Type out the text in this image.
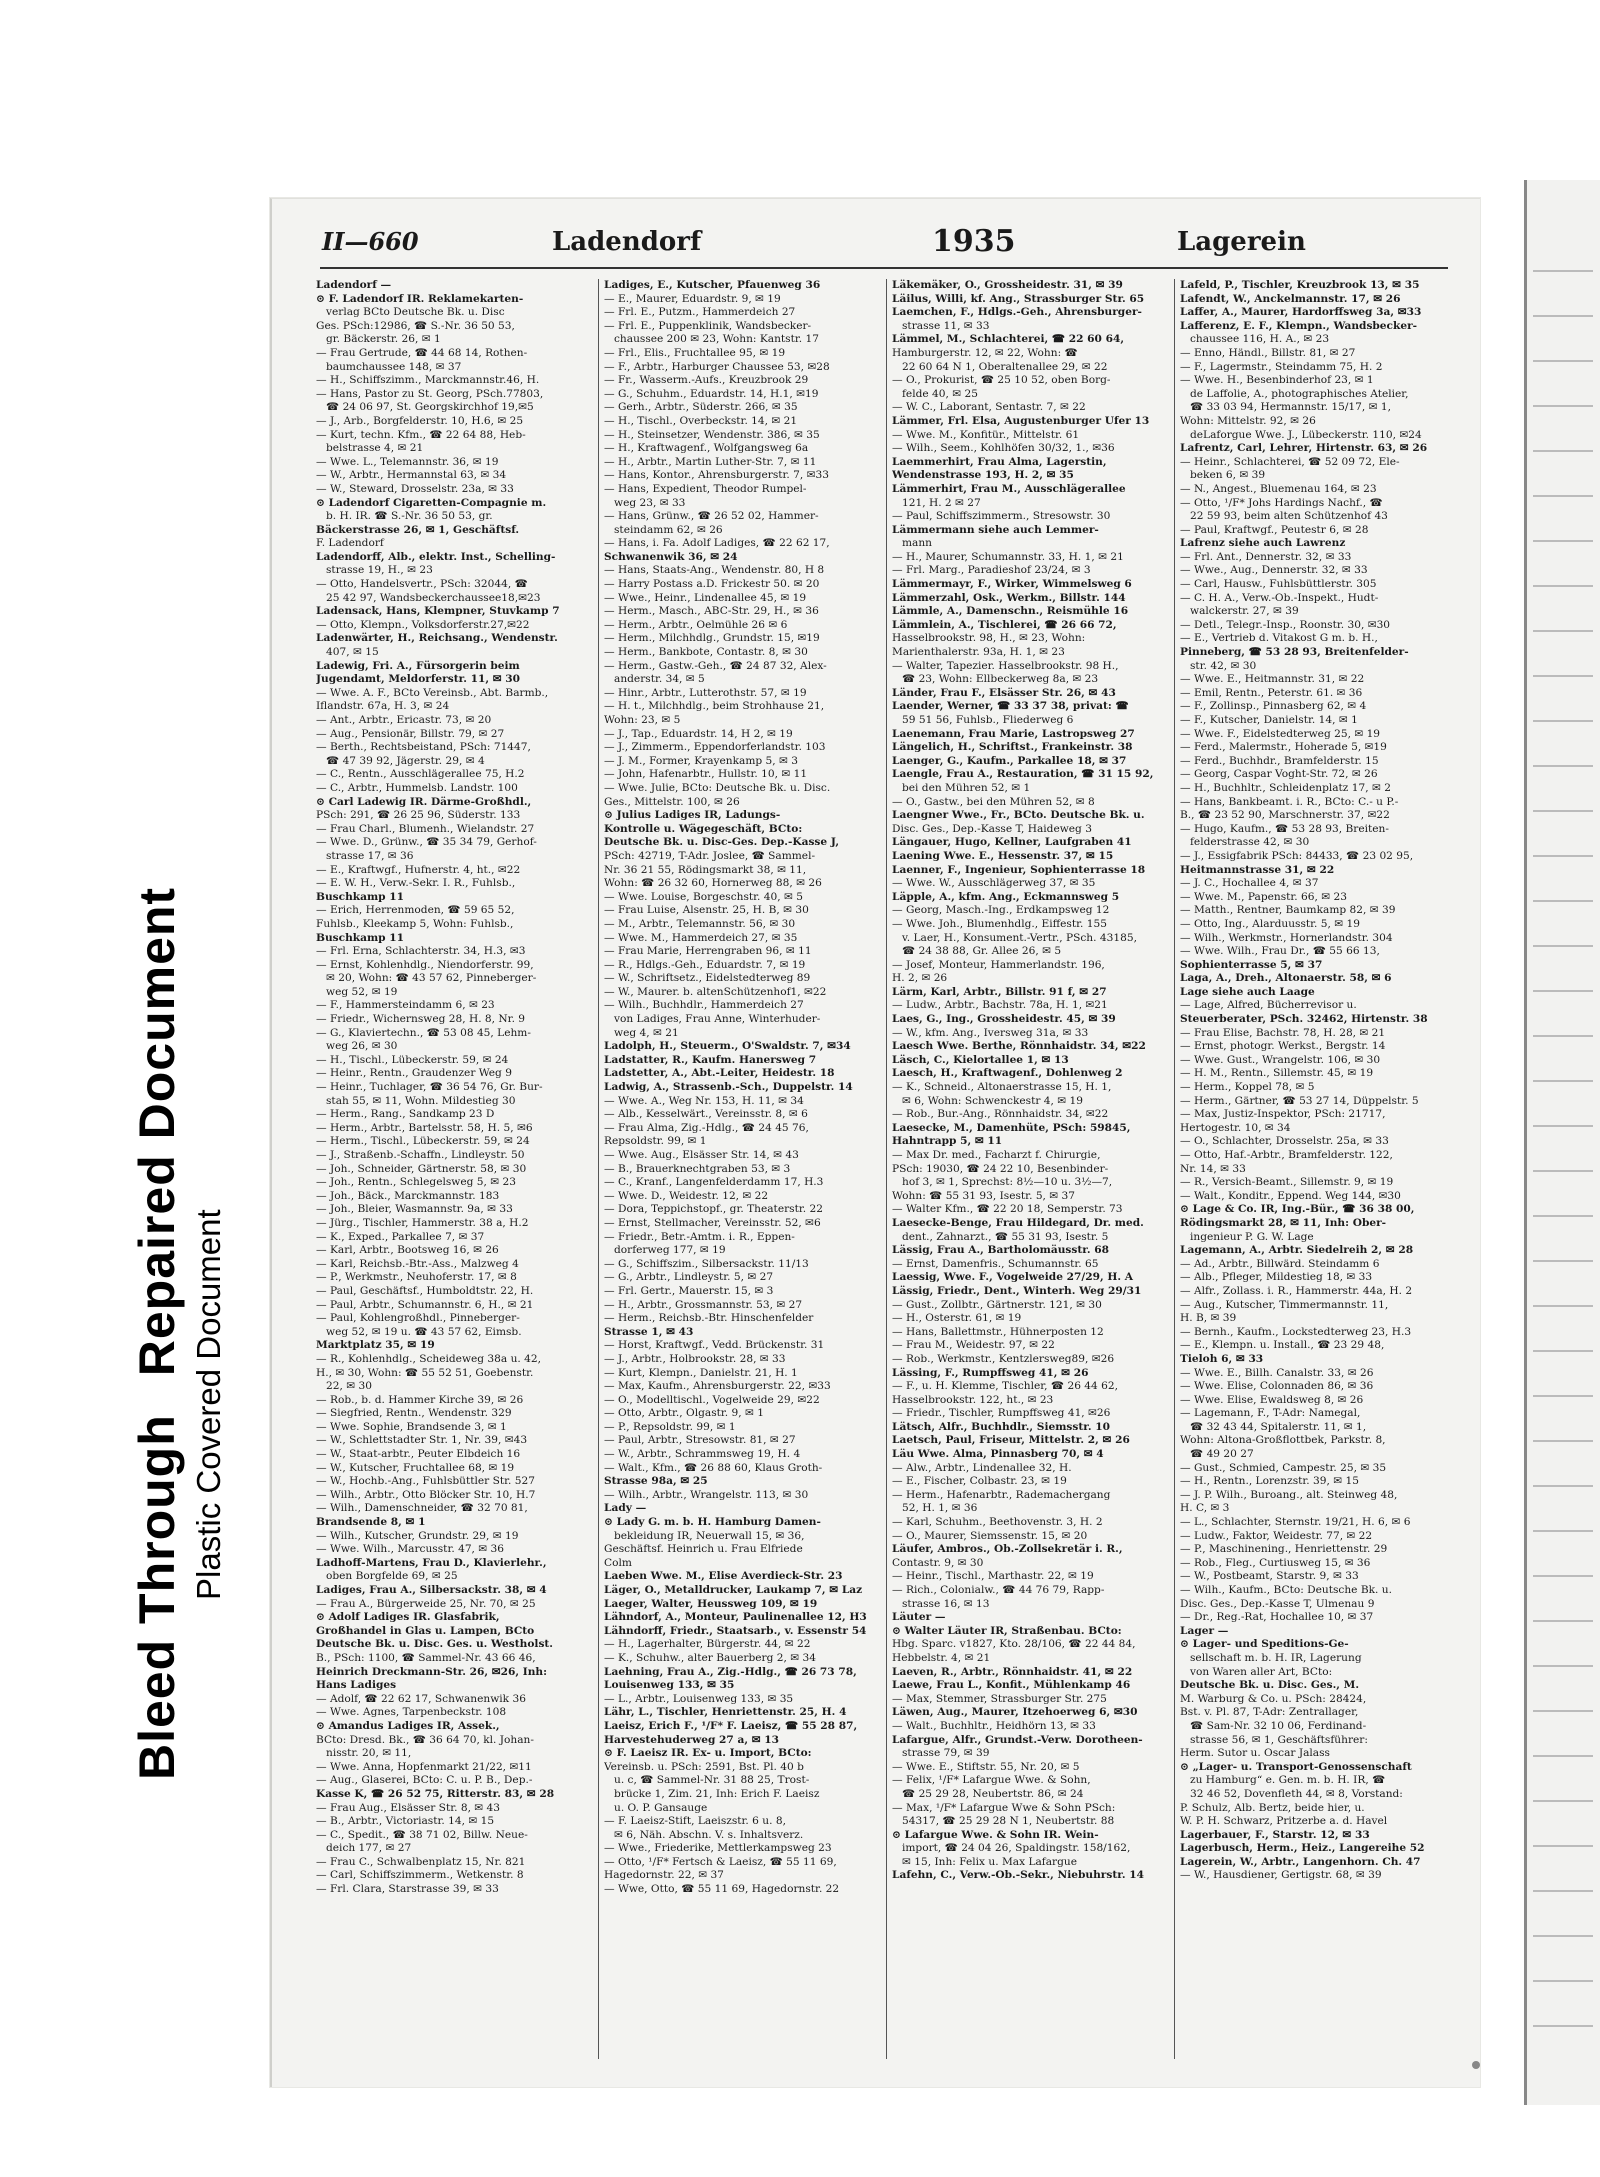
Bleed ThroughRepaired Document
Plastic Covered Document
II—660	Ladendorf	1935	Lagerein
Ladendorf —
⊙ F. Ladendorf IR. Reklamekarten-
verlag BCto Deutsche Bk. u. Disc
Ges. PSch:12986, ☎ S.-Nr. 36 50 53,
gr. Bäckerstr. 26, ✉ 1
— Frau Gertrude, ☎ 44 68 14, Rothen-
baumchaussee 148, ✉ 37
— H., Schiffszimm., Marckmannstr.46, H.
— Hans, Pastor zu St. Georg, PSch.77803,
☎ 24 06 97, St. Georgskirchhof 19,✉5
— J., Arb., Borgfelderstr. 10, H.6, ✉ 25
— Kurt, techn. Kfm., ☎ 22 64 88, Heb-
belstrasse 4, ✉ 21
— Wwe. L., Telemannstr. 36, ✉ 19
— W., Arbtr., Hermannstal 63, ✉ 34
— W., Steward, Drosselstr. 23a, ✉ 33
⊙ Ladendorf Cigaretten-Compagnie m.
b. H. IR. ☎ S.-Nr. 36 50 53, gr.
Bäckerstrasse 26, ✉ 1, Geschäftsf.
F. Ladendorf
Ladendorff, Alb., elektr. Inst., Schelling-
strasse 19, H., ✉ 23
— Otto, Handelsvertr., PSch: 32044, ☎
25 42 97, Wandsbeckerchaussee18,✉23
Ladensack, Hans, Klempner, Stuvkamp 7
— Otto, Klempn., Volksdorferstr.27,✉22
Ladenwärter, H., Reichsang., Wendenstr.
407, ✉ 15
Ladewig, Fri. A., Fürsorgerin beim
Jugendamt, Meldorferstr. 11, ✉ 30
— Wwe. A. F., BCto Vereinsb., Abt. Barmb.,
Iflandstr. 67a, H. 3, ✉ 24
— Ant., Arbtr., Ericastr. 73, ✉ 20
— Aug., Pensionär, Billstr. 79, ✉ 27
— Berth., Rechtsbeistand, PSch: 71447,
☎ 47 39 92, Jägerstr. 29, ✉ 4
— C., Rentn., Ausschlägerallee 75, H.2
— C., Arbtr., Hummelsb. Landstr. 100
⊙ Carl Ladewig IR. Därme-Großhdl.,
PSch: 291, ☎ 26 25 96, Süderstr. 133
— Frau Charl., Blumenh., Wielandstr. 27
— Wwe. D., Grünw., ☎ 35 34 79, Gerhof-
strasse 17, ✉ 36
— E., Kraftwgf., Hufnerstr. 4, ht., ✉22
— E. W. H., Verw.-Sekr. I. R., Fuhlsb.,
Buschkamp 11
— Erich, Herrenmoden, ☎ 59 65 52,
Fuhlsb., Kleekamp 5, Wohn: Fuhlsb.,
Buschkamp 11
— Frl. Erna, Schlachterstr. 34, H.3, ✉3
— Ernst, Kohlenhdlg., Niendorferstr. 99,
✉ 20, Wohn: ☎ 43 57 62, Pinneberger-
weg 52, ✉ 19
— F., Hammersteindamm 6, ✉ 23
— Friedr., Wichernsweg 28, H. 8, Nr. 9
— G., Klaviertechn., ☎ 53 08 45, Lehm-
weg 26, ✉ 30
— H., Tischl., Lübeckerstr. 59, ✉ 24
— Heinr., Rentn., Graudenzer Weg 9
— Heinr., Tuchlager, ☎ 36 54 76, Gr. Bur-
stah 55, ✉ 11, Wohn. Mildestieg 30
— Herm., Rang., Sandkamp 23 D
— Herm., Arbtr., Bartelsstr. 58, H. 5, ✉6
— Herm., Tischl., Lübeckerstr. 59, ✉ 24
— J., Straßenb.-Schaffn., Lindleystr. 50
— Joh., Schneider, Gärtnerstr. 58, ✉ 30
— Joh., Rentn., Schlegelsweg 5, ✉ 23
— Joh., Bäck., Marckmannstr. 183
— Joh., Bleier, Wasmannstr. 9a, ✉ 33
— Jürg., Tischler, Hammerstr. 38 a, H.2
— K., Exped., Parkallee 7, ✉ 37
— Karl, Arbtr., Bootsweg 16, ✉ 26
— Karl, Reichsb.-Btr.-Ass., Malzweg 4
— P., Werkmstr., Neuhoferstr. 17, ✉ 8
— Paul, Geschäftsf., Humboldtstr. 22, H.
— Paul, Arbtr., Schumannstr. 6, H., ✉ 21
— Paul, Kohlengroßhdl., Pinneberger-
weg 52, ✉ 19 u. ☎ 43 57 62, Eimsb.
Marktplatz 35, ✉ 19
— R., Kohlenhdlg., Scheideweg 38a u. 42,
H., ✉ 30, Wohn: ☎ 55 52 51, Goebenstr.
22, ✉ 30
— Rob., b. d. Hammer Kirche 39, ✉ 26
— Siegfried, Rentn., Wendenstr. 329
— Wwe. Sophie, Brandsende 3, ✉ 1
— W., Schlettstadter Str. 1, Nr. 39, ✉43
— W., Staat-arbtr., Peuter Elbdeich 16
— W., Kutscher, Fruchtallee 68, ✉ 19
— W., Hochb.-Ang., Fuhlsbüttler Str. 527
— Wilh., Arbtr., Otto Blöcker Str. 10, H.7
— Wilh., Damenschneider, ☎ 32 70 81,
Brandsende 8, ✉ 1
— Wilh., Kutscher, Grundstr. 29, ✉ 19
— Wwe. Wilh., Marcusstr. 47, ✉ 36
Ladhoff-Martens, Frau D., Klavierlehr.,
oben Borgfelde 69, ✉ 25
Ladiges, Frau A., Silbersackstr. 38, ✉ 4
— Frau A., Bürgerweide 25, Nr. 70, ✉ 25
⊙ Adolf Ladiges IR. Glasfabrik,
Großhandel in Glas u. Lampen, BCto
Deutsche Bk. u. Disc. Ges. u. Westholst.
B., PSch: 1100, ☎ Sammel-Nr. 43 66 46,
Heinrich Dreckmann-Str. 26, ✉26, Inh:
Hans Ladiges
— Adolf, ☎ 22 62 17, Schwanenwik 36
— Wwe. Agnes, Tarpenbeckstr. 108
⊙ Amandus Ladiges IR, Assek.,
BCto: Dresd. Bk., ☎ 36 64 70, kl. Johan-
nisstr. 20, ✉ 11,
— Wwe. Anna, Hopfenmarkt 21/22, ✉11
— Aug., Glaserei, BCto: C. u. P. B., Dep.-
Kasse K, ☎ 26 52 75, Ritterstr. 83, ✉ 28
— Frau Aug., Elsässer Str. 8, ✉ 43
— B., Arbtr., Victoriastr. 14, ✉ 15
— C., Spedit., ☎ 38 71 02, Billw. Neue-
deich 177, ✉ 27
— Frau C., Schwalbenplatz 15, Nr. 821
— Carl, Schiffszimmerm., Wetkenstr. 8
— Frl. Clara, Starstrasse 39, ✉ 33
Ladiges, E., Kutscher, Pfauenweg 36
— E., Maurer, Eduardstr. 9, ✉ 19
— Frl. E., Putzm., Hammerdeich 27
— Frl. E., Puppenklinik, Wandsbecker-
chaussee 200 ✉ 23, Wohn: Kantstr. 17
— Frl., Elis., Fruchtallee 95, ✉ 19
— F., Arbtr., Harburger Chaussee 53, ✉28
— Fr., Wasserm.-Aufs., Kreuzbrook 29
— G., Schuhm., Eduardstr. 14, H.1, ✉19
— Gerh., Arbtr., Süderstr. 266, ✉ 35
— H., Tischl., Overbeckstr. 14, ✉ 21
— H., Steinsetzer, Wendenstr. 386, ✉ 35
— H., Kraftwagenf., Wolfgangsweg 6a
— H., Arbtr., Martin Luther-Str. 7, ✉ 11
— Hans, Kontor., Ahrensburgerstr. 7, ✉33
— Hans, Expedient, Theodor Rumpel-
weg 23, ✉ 33
— Hans, Grünw., ☎ 26 52 02, Hammer-
steindamm 62, ✉ 26
— Hans, i. Fa. Adolf Ladiges, ☎ 22 62 17,
Schwanenwik 36, ✉ 24
— Hans, Staats-Ang., Wendenstr. 80, H 8
— Harry Postass a.D. Frickestr 50. ✉ 20
— Wwe., Heinr., Lindenallee 45, ✉ 19
— Herm., Masch., ABC-Str. 29, H., ✉ 36
— Herm., Arbtr., Oelmühle 26 ✉ 6
— Herm., Milchhdlg., Grundstr. 15, ✉19
— Herm., Bankbote, Contastr. 8, ✉ 30
— Herm., Gastw.-Geh., ☎ 24 87 32, Alex-
anderstr. 34, ✉ 5
— Hinr., Arbtr., Lutterothstr. 57, ✉ 19
— H. t., Milchhdlg., beim Strohhause 21,
Wohn: 23, ✉ 5
— J., Tap., Eduardstr. 14, H 2, ✉ 19
— J., Zimmerm., Eppendorferlandstr. 103
— J. M., Former, Krayenkamp 5, ✉ 3
— John, Hafenarbtr., Hullstr. 10, ✉ 11
— Wwe. Julie, BCto: Deutsche Bk. u. Disc.
Ges., Mittelstr. 100, ✉ 26
⊙ Julius Ladiges IR, Ladungs-
Kontrolle u. Wägegeschäft, BCto:
Deutsche Bk. u. Disc-Ges. Dep.-Kasse J,
PSch: 42719, T-Adr. Joslee, ☎ Sammel-
Nr. 36 21 55, Rödingsmarkt 38, ✉ 11,
Wohn: ☎ 26 32 60, Hornerweg 88, ✉ 26
— Wwe. Louise, Borgeschstr. 40, ✉ 5
— Frau Luise, Alsenstr. 25, H. B, ✉ 30
— M., Arbtr., Telemannstr. 56, ✉ 30
— Wwe. M., Hammerdeich 27, ✉ 35
— Frau Marie, Herrengraben 96, ✉ 11
— R., Hdlgs.-Geh., Eduardstr. 7, ✉ 19
— W., Schriftsetz., Eidelstedterweg 89
— W., Maurer. b. altenSchützenhof1, ✉22
— Wilh., Buchhdlr., Hammerdeich 27
von Ladiges, Frau Anne, Winterhuder-
weg 4, ✉ 21
Ladolph, H., Steuerm., O'Swaldstr. 7, ✉34
Ladstatter, R., Kaufm. Hanersweg 7
Ladstetter, A., Abt.-Leiter, Heidestr. 18
Ladwig, A., Strassenb.-Sch., Duppelstr. 14
— Wwe. A., Weg Nr. 153, H. 11, ✉ 34
— Alb., Kesselwärt., Vereinsstr. 8, ✉ 6
— Frau Alma, Zig.-Hdlg., ☎ 24 45 76,
Repsoldstr. 99, ✉ 1
— Wwe. Aug., Elsässer Str. 14, ✉ 43
— B., Brauerknechtgraben 53, ✉ 3
— C., Kranf., Langenfelderdamm 17, H.3
— Wwe. D., Weidestr. 12, ✉ 22
— Dora, Teppichstopf., gr. Theaterstr. 22
— Ernst, Stellmacher, Vereinsstr. 52, ✉6
— Friedr., Betr.-Amtm. i. R., Eppen-
dorferweg 177, ✉ 19
— G., Schiffszim., Silbersackstr. 11/13
— G., Arbtr., Lindleystr. 5, ✉ 27
— Frl. Gertr., Mauerstr. 15, ✉ 3
— H., Arbtr., Grossmannstr. 53, ✉ 27
— Herm., Reichsb.-Btr. Hinschenfelder
Strasse 1, ✉ 43
— Horst, Kraftwgf., Vedd. Brückenstr. 31
— J., Arbtr., Holbrookstr. 28, ✉ 33
— Kurt, Klempn., Danielstr. 21, H. 1
— Max, Kaufm., Ahrensburgerstr. 22, ✉33
— O., Modelltischl., Vogelweide 29, ✉22
— Otto, Arbtr., Olgastr. 9, ✉ 1
— P., Repsoldstr. 99, ✉ 1
— Paul, Arbtr., Stresowstr. 81, ✉ 27
— W., Arbtr., Schrammsweg 19, H. 4
— Walt., Kfm., ☎ 26 88 60, Klaus Groth-
Strasse 98a, ✉ 25
— Wilh., Arbtr., Wrangelstr. 113, ✉ 30
Lady —
⊙ Lady G. m. b. H. Hamburg Damen-
bekleidung IR, Neuerwall 15, ✉ 36,
Geschäftsf. Heinrich u. Frau Elfriede
Colm
Laeben Wwe. M., Elise Averdieck-Str. 23
Läger, O., Metalldrucker, Laukamp 7, ✉ Laz
Laeger, Walter, Heussweg 109, ✉ 19
Lähndorf, A., Monteur, Paulinenallee 12, H3
Lähndorff, Friedr., Staatsarb., v. Essenstr 54
— H., Lagerhalter, Bürgerstr. 44, ✉ 22
— K., Schuhw., alter Bauerberg 2, ✉ 34
Laehning, Frau A., Zig.-Hdlg., ☎ 26 73 78,
Louisenweg 133, ✉ 35
— L., Arbtr., Louisenweg 133, ✉ 35
Lähr, L., Tischler, Henriettenstr. 25, H. 4
Laeisz, Erich F., ¹/F* F. Laeisz, ☎ 55 28 87,
Harvestehuderweg 27 a, ✉ 13
⊙ F. Laeisz IR. Ex- u. Import, BCto:
Vereinsb. u. PSch: 2591, Bst. Pl. 40 b
u. c, ☎ Sammel-Nr. 31 88 25, Trost-
brücke 1, Zim. 21, Inh: Erich F. Laeisz
u. O. P. Gansauge
— F. Laeisz-Stift, Laeiszstr. 6 u. 8,
✉ 6, Näh. Abschn. V. s. Inhaltsverz.
— Wwe., Friederike, Mettlerkampsweg 23
— Otto, ¹/F* Fertsch & Laeisz, ☎ 55 11 69,
Hagedornstr. 22, ✉ 37
— Wwe, Otto, ☎ 55 11 69, Hagedornstr. 22
Läkemäker, O., Grossheidestr. 31, ✉ 39
Läilus, Willi, kf. Ang., Strassburger Str. 65
Laemchen, F., Hdlgs.-Geh., Ahrensburger-
strasse 11, ✉ 33
Lämmel, M., Schlachterei, ☎ 22 60 64,
Hamburgerstr. 12, ✉ 22, Wohn: ☎
22 60 64 N 1, Oberaltenallee 29, ✉ 22
— O., Prokurist, ☎ 25 10 52, oben Borg-
felde 40, ✉ 25
— W. C., Laborant, Sentastr. 7, ✉ 22
Lämmer, Frl. Elsa, Augustenburger Ufer 13
— Wwe. M., Konfitür., Mittelstr. 61
— Wilh., Seem., Kohlhöfen 30/32, 1., ✉36
Laemmerhirt, Frau Alma, Lagerstin,
Wendenstrasse 193, H. 2, ✉ 35
Lämmerhirt, Frau M., Ausschlägerallee
121, H. 2 ✉ 27
— Paul, Schiffszimmerm., Stresowstr. 30
Lämmermann siehe auch Lemmer-
mann
— H., Maurer, Schumannstr. 33, H. 1, ✉ 21
— Frl. Marg., Paradieshof 23/24, ✉ 3
Lämmermayr, F., Wirker, Wimmelsweg 6
Lämmerzahl, Osk., Werkm., Billstr. 144
Lämmle, A., Damenschn., Reismühle 16
Lämmlein, A., Tischlerei, ☎ 26 66 72,
Hasselbrookstr. 98, H., ✉ 23, Wohn:
Marienthalerstr. 93a, H. 1, ✉ 23
— Walter, Tapezier. Hasselbrookstr. 98 H.,
☎ 23, Wohn: Ellbeckerweg 8a, ✉ 23
Länder, Frau F., Elsässer Str. 26, ✉ 43
Laender, Werner, ☎ 33 37 38, privat: ☎
59 51 56, Fuhlsb., Fliederweg 6
Laenemann, Frau Marie, Lastropsweg 27
Längelich, H., Schriftst., Frankeinstr. 38
Laenger, G., Kaufm., Parkallee 18, ✉ 37
Laengle, Frau A., Restauration, ☎ 31 15 92,
bei den Mühren 52, ✉ 1
— O., Gastw., bei den Mühren 52, ✉ 8
Laengner Wwe., Fr., BCto. Deutsche Bk. u.
Disc. Ges., Dep.-Kasse T, Haideweg 3
Längauer, Hugo, Kellner, Laufgraben 41
Laening Wwe. E., Hessenstr. 37, ✉ 15
Laenner, F., Ingenieur, Sophienterrasse 18
— Wwe. W., Ausschlägerweg 37, ✉ 35
Läpple, A., kfm. Ang., Eckmannsweg 5
— Georg, Masch.-Ing., Erdkampsweg 12
— Wwe. Joh., Blumenhdlg., Eiffestr. 155
v. Laer, H., Konsument.-Vertr., PSch. 43185,
☎ 24 38 88, Gr. Allee 26, ✉ 5
— Josef, Monteur, Hammerlandstr. 196,
H. 2, ✉ 26
Lärm, Karl, Arbtr., Billstr. 91 f, ✉ 27
— Ludw., Arbtr., Bachstr. 78a, H. 1, ✉21
Laes, G., Ing., Grossheidestr. 45, ✉ 39
— W., kfm. Ang., Iversweg 31a, ✉ 33
Laesch Wwe. Berthe, Rönnhaidstr. 34, ✉22
Läsch, C., Kielortallee 1, ✉ 13
Laesch, H., Kraftwagenf., Dohlenweg 2
— K., Schneid., Altonaerstrasse 15, H. 1,
✉ 6, Wohn: Schwenckestr 4, ✉ 19
— Rob., Bur.-Ang., Rönnhaidstr. 34, ✉22
Laesecke, M., Damenhüte, PSch: 59845,
Hahntrapp 5, ✉ 11
— Max Dr. med., Facharzt f. Chirurgie,
PSch: 19030, ☎ 24 22 10, Besenbinder-
hof 3, ✉ 1, Sprechst: 8½—10 u. 3½—7,
Wohn: ☎ 55 31 93, Isestr. 5, ✉ 37
— Walter Kfm., ☎ 22 20 18, Semperstr. 73
Laesecke-Benge, Frau Hildegard, Dr. med.
dent., Zahnarzt., ☎ 55 31 93, Isestr. 5
Lässig, Frau A., Bartholomäusstr. 68
— Ernst, Damenfris., Schumannstr. 65
Laessig, Wwe. F., Vogelweide 27/29, H. A
Lässig, Friedr., Dent., Winterh. Weg 29/31
— Gust., Zollbtr., Gärtnerstr. 121, ✉ 30
— H., Osterstr. 61, ✉ 19
— Hans, Ballettmstr., Hühnerposten 12
— Frau M., Weidestr. 97, ✉ 22
— Rob., Werkmstr., Kentzlersweg89, ✉26
Lässing, F., Rumpffsweg 41, ✉ 26
— F., u. H. Klemme, Tischler, ☎ 26 44 62,
Hasselbrookstr. 122, ht., ✉ 23
— Friedr., Tischler, Rumpffsweg 41, ✉26
Lätsch, Alfr., Buchhdlr., Siemsstr. 10
Laetsch, Paul, Friseur, Mittelstr. 2, ✉ 26
Läu Wwe. Alma, Pinnasberg 70, ✉ 4
— Alw., Arbtr., Lindenallee 32, H.
— E., Fischer, Colbastr. 23, ✉ 19
— Herm., Hafenarbtr., Rademachergang
52, H. 1, ✉ 36
— Karl, Schuhm., Beethovenstr. 3, H. 2
— O., Maurer, Siemssenstr. 15, ✉ 20
Läufer, Ambros., Ob.-Zollsekretär i. R.,
Contastr. 9, ✉ 30
— Heinr., Tischl., Marthastr. 22, ✉ 19
— Rich., Colonialw., ☎ 44 76 79, Rapp-
strasse 16, ✉ 13
Läuter —
⊙ Walter Läuter IR, Straßenbau. BCto:
Hbg. Sparc. v1827, Kto. 28/106, ☎ 22 44 84,
Hebbelstr. 4, ✉ 21
Laeven, R., Arbtr., Rönnhaidstr. 41, ✉ 22
Laewe, Frau L., Konfit., Mühlenkamp 46
— Max, Stemmer, Strassburger Str. 275
Läwen, Aug., Maurer, Itzehoerweg 6, ✉30
— Walt., Buchhltr., Heidhörn 13, ✉ 33
Lafargue, Alfr., Grundst.-Verw. Dorotheen-
strasse 79, ✉ 39
— Wwe. E., Stiftstr. 55, Nr. 20, ✉ 5
— Felix, ¹/F* Lafargue Wwe. & Sohn,
☎ 25 29 28, Neubertstr. 86, ✉ 24
— Max, ¹/F* Lafargue Wwe & Sohn PSch:
54317, ☎ 25 29 28 N 1, Neubertstr. 88
⊙ Lafargue Wwe. & Sohn IR. Wein-
import, ☎ 24 04 26, Spaldingstr. 158/162,
✉ 15, Inh: Felix u. Max Lafargue
Lafehn, C., Verw.-Ob.-Sekr., Niebuhrstr. 14
Lafeld, P., Tischler, Kreuzbrook 13, ✉ 35
Lafendt, W., Anckelmannstr. 17, ✉ 26
Laffer, A., Maurer, Hardorffsweg 3a, ✉33
Lafferenz, E. F., Klempn., Wandsbecker-
chaussee 116, H. A., ✉ 23
— Enno, Händl., Billstr. 81, ✉ 27
— F., Lagermstr., Steindamm 75, H. 2
— Wwe. H., Besenbinderhof 23, ✉ 1
de Laffolie, A., photographisches Atelier,
☎ 33 03 94, Hermannstr. 15/17, ✉ 1,
Wohn: Mittelstr. 92, ✉ 26
deLaforgue Wwe. J., Lübeckerstr. 110, ✉24
Lafrentz, Carl, Lehrer, Hirtenstr. 63, ✉ 26
— Heinr., Schlachterei, ☎ 52 09 72, Ele-
beken 6, ✉ 39
— N., Angest., Bluemenau 164, ✉ 23
— Otto, ¹/F* Johs Hardings Nachf., ☎
22 59 93, beim alten Schützenhof 43
— Paul, Kraftwgf., Peutestr 6, ✉ 28
Lafrenz siehe auch Lawrenz
— Frl. Ant., Dennerstr. 32, ✉ 33
— Wwe., Aug., Dennerstr. 32, ✉ 33
— Carl, Hausw., Fuhlsbüttlerstr. 305
— C. H. A., Verw.-Ob.-Inspekt., Hudt-
walckerstr. 27, ✉ 39
— Detl., Telegr.-Insp., Roonstr. 30, ✉30
— E., Vertrieb d. Vitakost G m. b. H.,
Pinneberg, ☎ 53 28 93, Breitenfelder-
str. 42, ✉ 30
— Wwe. E., Heitmannstr. 31, ✉ 22
— Emil, Rentn., Peterstr. 61. ✉ 36
— F., Zollinsp., Pinnasberg 62, ✉ 4
— F., Kutscher, Danielstr. 14, ✉ 1
— Wwe. F., Eidelstedterweg 25, ✉ 19
— Ferd., Malermstr., Hoherade 5, ✉19
— Ferd., Buchhdr., Bramfelderstr. 15
— Georg, Caspar Voght-Str. 72, ✉ 26
— H., Buchhltr., Schleidenplatz 17, ✉ 2
— Hans, Bankbeamt. i. R., BCto: C.- u P.-
B., ☎ 23 52 90, Marschnerstr. 37, ✉22
— Hugo, Kaufm., ☎ 53 28 93, Breiten-
felderstrasse 42, ✉ 30
— J., Essigfabrik PSch: 84433, ☎ 23 02 95,
Heitmannstrasse 31, ✉ 22
— J. C., Hochallee 4, ✉ 37
— Wwe. M., Papenstr. 66, ✉ 23
— Matth., Rentner, Baumkamp 82, ✉ 39
— Otto, Ing., Alarduusstr. 5, ✉ 19
— Wilh., Werkmstr., Hornerlandstr. 304
— Wwe. Wilh., Frau Dr., ☎ 55 66 13,
Sophienterrasse 5, ✉ 37
Laga, A., Dreh., Altonaerstr. 58, ✉ 6
Lage siehe auch Laage
— Lage, Alfred, Bücherrevisor u.
Steuerberater, PSch. 32462, Hirtenstr. 38
— Frau Elise, Bachstr. 78, H. 28, ✉ 21
— Ernst, photogr. Werkst., Bergstr. 14
— Wwe. Gust., Wrangelstr. 106, ✉ 30
— H. M., Rentn., Sillemstr. 45, ✉ 19
— Herm., Koppel 78, ✉ 5
— Herm., Gärtner, ☎ 53 27 14, Düppelstr. 5
— Max, Justiz-Inspektor, PSch: 21717,
Hertogestr. 10, ✉ 34
— O., Schlachter, Drosselstr. 25a, ✉ 33
— Otto, Haf.-Arbtr., Bramfelderstr. 122,
Nr. 14, ✉ 33
— R., Versich-Beamt., Sillemstr. 9, ✉ 19
— Walt., Konditr., Eppend. Weg 144, ✉30
⊙ Lage & Co. IR, Ing.-Bür., ☎ 36 38 00,
Rödingsmarkt 28, ✉ 11, Inh: Ober-
ingenieur P. G. W. Lage
Lagemann, A., Arbtr. Siedelreih 2, ✉ 28
— Ad., Arbtr., Billwärd. Steindamm 6
— Alb., Pfleger, Mildestieg 18, ✉ 33
— Alfr., Zollass. i. R., Hammerstr. 44a, H. 2
— Aug., Kutscher, Timmermannstr. 11,
H. B, ✉ 39
— Bernh., Kaufm., Lockstedterweg 23, H.3
— E., Klempn. u. Install., ☎ 23 29 48,
Tieloh 6, ✉ 33
— Wwe. E., Billh. Canalstr. 33, ✉ 26
— Wwe. Elise, Colonnaden 86, ✉ 36
— Wwe. Elise, Ewaldsweg 8, ✉ 26
— Lagemann, F., T-Adr: Namegal,
☎ 32 43 44, Spitalerstr. 11, ✉ 1,
Wohn: Altona-Großflottbek, Parkstr. 8,
☎ 49 20 27
— Gust., Schmied, Campestr. 25, ✉ 35
— H., Rentn., Lorenzstr. 39, ✉ 15
— J. P. Wilh., Buroang., alt. Steinweg 48,
H. C, ✉ 3
— L., Schlachter, Sternstr. 19/21, H. 6, ✉ 6
— Ludw., Faktor, Weidestr. 77, ✉ 22
— P., Maschinening., Henriettenstr. 29
— Rob., Fleg., Curtiusweg 15, ✉ 36
— W., Postbeamt, Starstr. 9, ✉ 33
— Wilh., Kaufm., BCto: Deutsche Bk. u.
Disc. Ges., Dep.-Kasse T, Ulmenau 9
— Dr., Reg.-Rat, Hochallee 10, ✉ 37
Lager —
⊙ Lager- und Speditions-Ge-
sellschaft m. b. H. IR, Lagerung
von Waren aller Art, BCto:
Deutsche Bk. u. Disc. Ges., M.
M. Warburg & Co. u. PSch: 28424,
Bst. v. Pl. 87, T-Adr: Zentrallager,
☎ Sam-Nr. 32 10 06, Ferdinand-
strasse 56, ✉ 1, Geschäftsführer:
Herm. Sutor u. Oscar Jalass
⊙ „Lager- u. Transport-Genossenschaft
zu Hamburg“ e. Gen. m. b. H. IR, ☎
32 46 52, Dovenfleth 44, ✉ 8, Vorstand:
P. Schulz, Alb. Bertz, beide hier, u.
W. P. H. Schwarz, Pritzerbe a. d. Havel
Lagerbauer, F., Starstr. 12, ✉ 33
Lagerbusch, Herm., Heiz., Langereihe 52
Lagerein, W., Arbtr., Langenhorn. Ch. 47
— W., Hausdiener, Gertigstr. 68, ✉ 39
